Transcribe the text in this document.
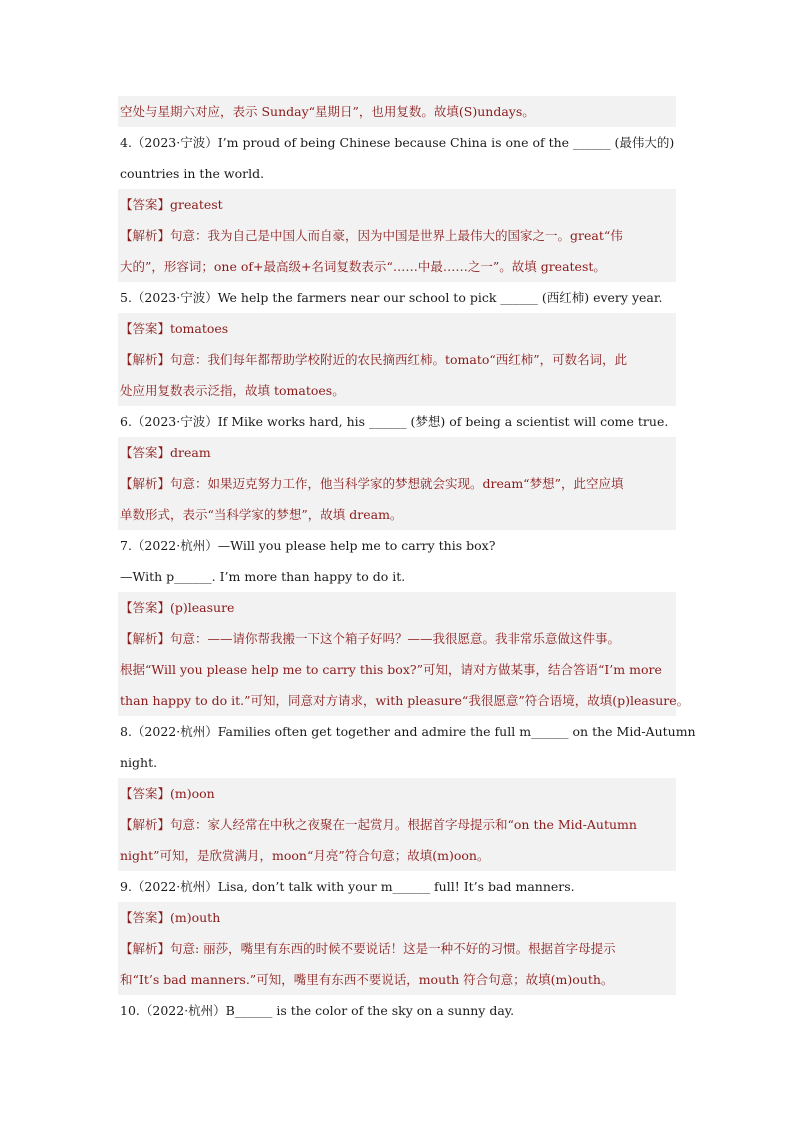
空处与星期六对应，表示 Sunday“星期日”，也用复数。故填(S)undays。
4.（2023·宁波）I’m proud of being Chinese because China is one of the ______ (最伟大的)
countries in the world.
【答案】greatest
【解析】句意：我为自己是中国人而自豪，因为中国是世界上最伟大的国家之一。great“伟
大的”，形容词；one of+最高级+名词复数表示“……中最……之一”。故填 greatest。
5.（2023·宁波）We help the farmers near our school to pick ______ (西红柿) every year.
【答案】tomatoes
【解析】句意：我们每年都帮助学校附近的农民摘西红柿。tomato“西红柿”，可数名词，此
处应用复数表示泛指，故填 tomatoes。
6.（2023·宁波）If Mike works hard, his ______ (梦想) of being a scientist will come true.
【答案】dream
【解析】句意：如果迈克努力工作，他当科学家的梦想就会实现。dream“梦想”，此空应填
单数形式，表示“当科学家的梦想”，故填 dream。
7.（2022·杭州）—Will you please help me to carry this box?
—With p______. I’m more than happy to do it.
【答案】(p)leasure
【解析】句意：——请你帮我搬一下这个箱子好吗？——我很愿意。我非常乐意做这件事。
根据“Will you please help me to carry this box?”可知，请对方做某事，结合答语“I’m more
than happy to do it.”可知，同意对方请求，with pleasure“我很愿意”符合语境，故填(p)leasure。
8.（2022·杭州）Families often get together and admire the full m______ on the Mid-Autumn
night.
【答案】(m)oon
【解析】句意：家人经常在中秋之夜聚在一起赏月。根据首字母提示和“on the Mid-Autumn
night”可知，是欣赏满月，moon“月亮”符合句意；故填(m)oon。
9.（2022·杭州）Lisa, don’t talk with your m______ full! It’s bad manners.
【答案】(m)outh
【解析】句意: 丽莎，嘴里有东西的时候不要说话！这是一种不好的习惯。根据首字母提示
和“It’s bad manners.”可知，嘴里有东西不要说话，mouth 符合句意；故填(m)outh。
10.（2022·杭州）B______ is the color of the sky on a sunny day.
